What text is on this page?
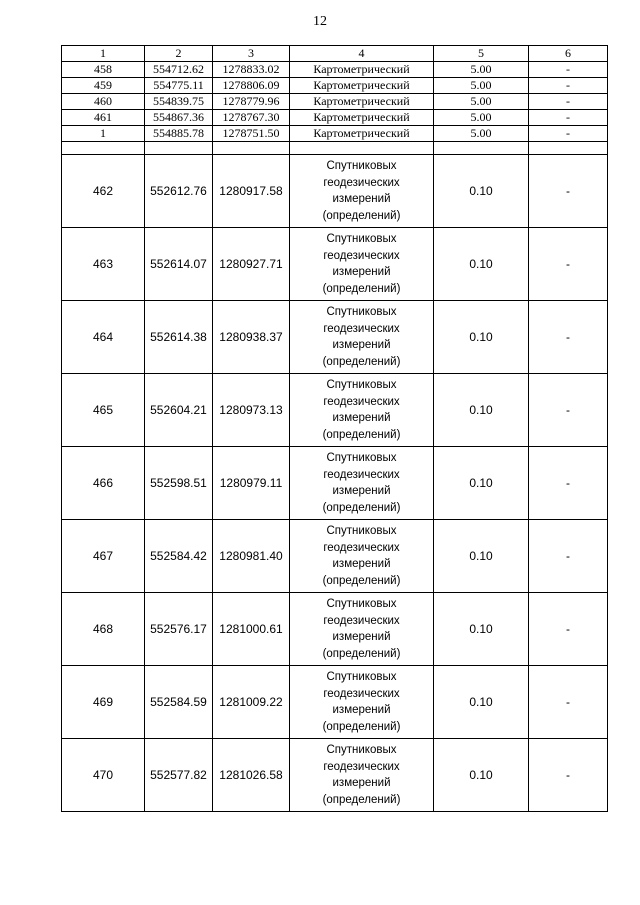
12
1	2	3	4	5	6
458	554712.62	1278833.02	Картометрический	5.00	-
459	554775.11	1278806.09	Картометрический	5.00	-
460	554839.75	1278779.96	Картометрический	5.00	-
461	554867.36	1278767.30	Картометрический	5.00	-
1	554885.78	1278751.50	Картометрический	5.00	-

462	552612.76	1280917.58	Спутниковых
геодезических
измерений
(определений)	0.10	-
463	552614.07	1280927.71	Спутниковых
геодезических
измерений
(определений)	0.10	-
464	552614.38	1280938.37	Спутниковых
геодезических
измерений
(определений)	0.10	-
465	552604.21	1280973.13	Спутниковых
геодезических
измерений
(определений)	0.10	-
466	552598.51	1280979.11	Спутниковых
геодезических
измерений
(определений)	0.10	-
467	552584.42	1280981.40	Спутниковых
геодезических
измерений
(определений)	0.10	-
468	552576.17	1281000.61	Спутниковых
геодезических
измерений
(определений)	0.10	-
469	552584.59	1281009.22	Спутниковых
геодезических
измерений
(определений)	0.10	-
470	552577.82	1281026.58	Спутниковых
геодезических
измерений
(определений)	0.10	-
